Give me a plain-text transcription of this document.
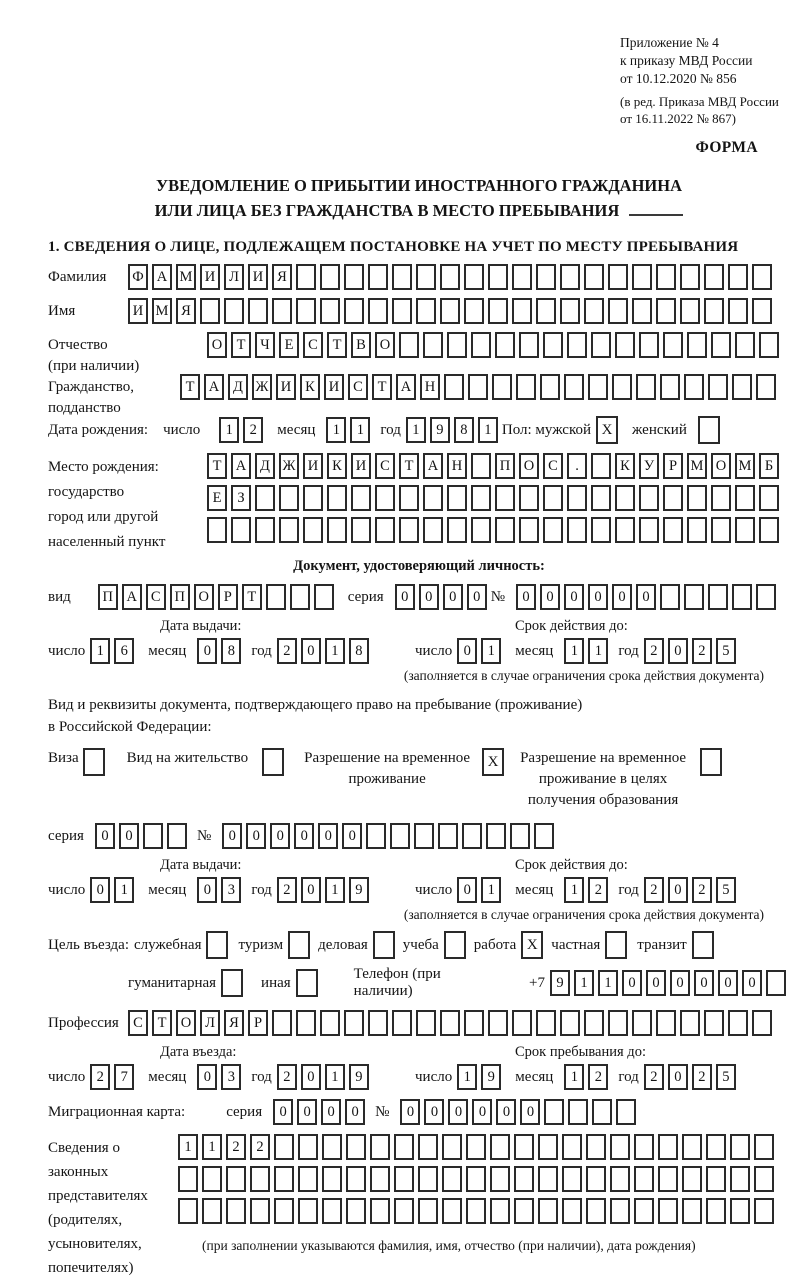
Приложение № 4
к приказу МВД России
от 10.12.2020 № 856
(в ред. Приказа МВД России
от 16.11.2022 № 867)
ФОРМА
УВЕДОМЛЕНИЕ О ПРИБЫТИИ ИНОСТРАННОГО ГРАЖДАНИНА
ИЛИ ЛИЦА БЕЗ ГРАЖДАНСТВА В МЕСТО ПРЕБЫВАНИЯ
1. СВЕДЕНИЯ О ЛИЦЕ, ПОДЛЕЖАЩЕМ ПОСТАНОВКЕ НА УЧЕТ ПО МЕСТУ ПРЕБЫВАНИЯ
Фамилия Ф А М И Л И Я
Имя	И М Я
Отчество
(при наличии)
О Т	Ч	Е	С	Т	В О
Гражданство,
подданство
Т А Д Ж И К И С	Т А Н
Дата рождения: число	1	2	месяц	1	1	год 1	9	8	1 Пол: мужской X	женский
Место рождения:
государство
город или другой
населенный пункт
Т А Д Ж И К И С	Т А Н	П О С	.	К У	Р М О М Б

Е	З

Документ, удостоверяющий личность:
вид	П А С П О	Р	Т	серия	0	0	0	0 №	0	0	0	0	0	0
Дата выдачи:
число 1	6	месяц	0	8	год 2	0	1	8
Срок действия до:
число 0	1	месяц	1	1	год 2	0	2	5
(заполняется в случае ограничения срока действия документа)
Вид и реквизиты документа, подтверждающего право на пребывание (проживание)
в Российской Федерации:
Виза	Вид на жительство	Разрешение на временное
проживание
X	Разрешение на временное
проживание в целях
получения образования
серия	0	0	№	0	0	0	0	0	0
Дата выдачи:
число 0	1	месяц	0	3	год 2	0	1	9
Срок действия до:
число 0	1	месяц	1	2	год 2	0	2	5
(заполняется в случае ограничения срока действия документа)
Цель въезда: служебная туризм деловая учеба работа X частная транзит
гуманитарная	иная
Телефон (при наличии)
+7 9	1	1	0	0	0	0	0	0
Профессия С	Т О Л Я	Р
Дата въезда:
число 2	7	месяц	0	3	год 2	0	1	9
Срок пребывания до:
число 1	9	месяц	1	2	год 2	0	2	5
Миграционная карта:	серия	0	0	0	0	№	0	0	0	0	0	0
Сведения о
законных
представителях
(родителях,
усыновителях,
попечителях)
1	1	2	2

(при заполнении указываются фамилия, имя, отчество (при наличии), дата рождения)
